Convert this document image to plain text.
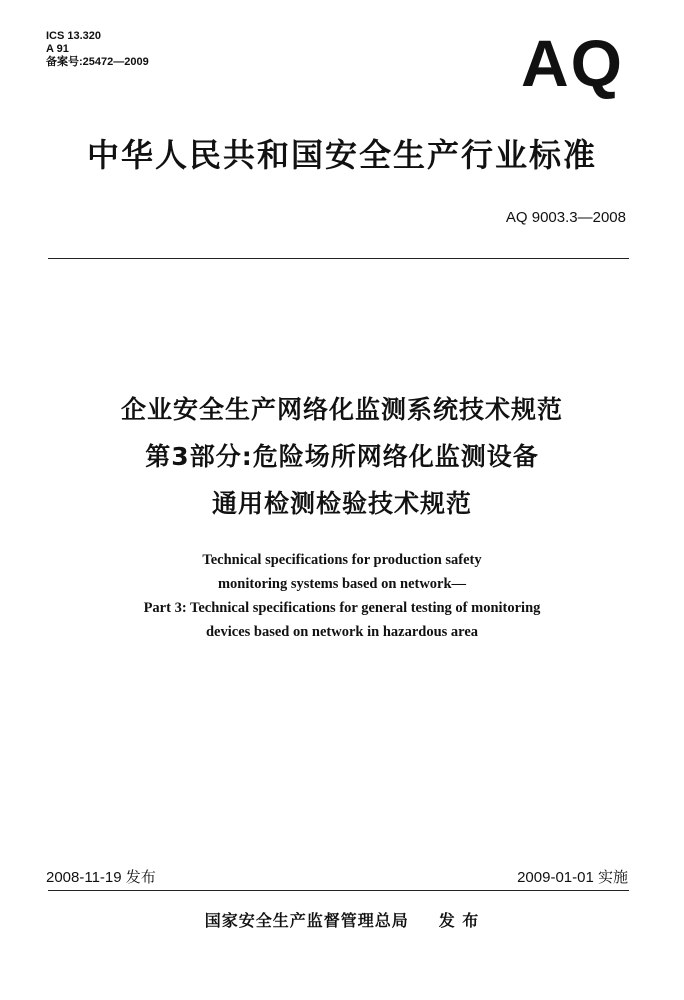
ICS 13.320
A 91
备案号:25472—2009	AQ
中华人民共和国安全生产行业标准
AQ 9003.3—2008
企业安全生产网络化监测系统技术规范
第3部分:危险场所网络化监测设备
通用检测检验技术规范
Technical specifications for production safety
monitoring systems based on network—
Part 3: Technical specifications for general testing of monitoring
devices based on network in hazardous area
2008-11-19 发布	2009-01-01 实施
国家安全生产监督管理总局 发 布
